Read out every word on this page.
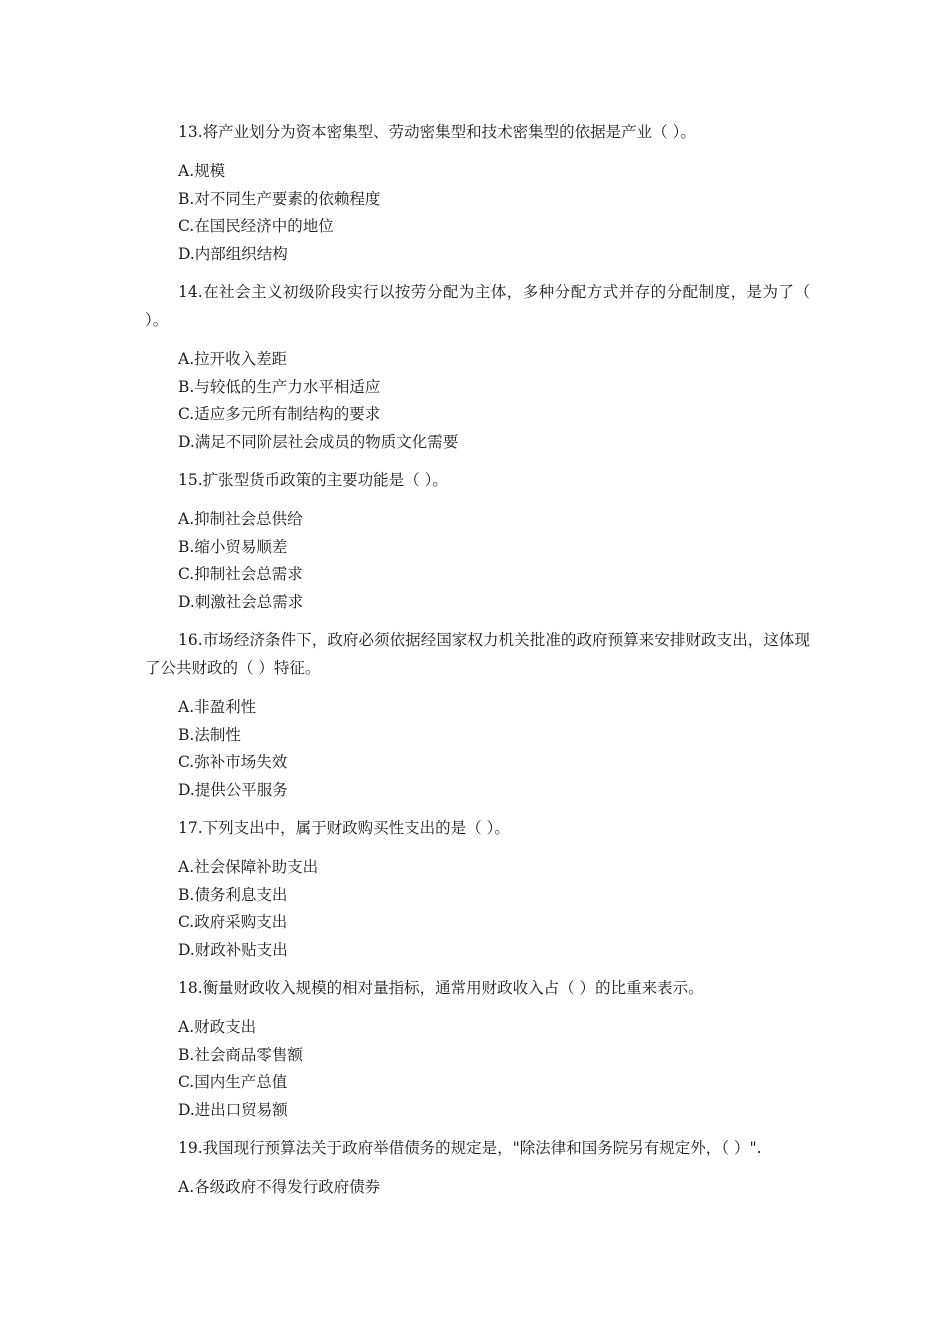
13.将产业划分为资本密集型、劳动密集型和技术密集型的依据是产业（ ）。

A.规模
B.对不同生产要素的依赖程度
C.在国民经济中的地位
D.内部组织结构

14.在社会主义初级阶段实行以按劳分配为主体，多种分配方式并存的分配制度，是为了（ ）。

A.拉开收入差距
B.与较低的生产力水平相适应
C.适应多元所有制结构的要求
D.满足不同阶层社会成员的物质文化需要

15.扩张型货币政策的主要功能是（ ）。

A.抑制社会总供给
B.缩小贸易顺差
C.抑制社会总需求
D.刺激社会总需求

16.市场经济条件下，政府必须依据经国家权力机关批准的政府预算来安排财政支出，这体现了公共财政的（ ）特征。

A.非盈利性
B.法制性
C.弥补市场失效
D.提供公平服务

17.下列支出中，属于财政购买性支出的是（ ）。

A.社会保障补助支出
B.债务利息支出
C.政府采购支出
D.财政补贴支出

18.衡量财政收入规模的相对量指标，通常用财政收入占（ ）的比重来表示。

A.财政支出
B.社会商品零售额
C.国内生产总值
D.进出口贸易额

19.我国现行预算法关于政府举借债务的规定是，"除法律和国务院另有规定外，（ ）".

A.各级政府不得发行政府债券
